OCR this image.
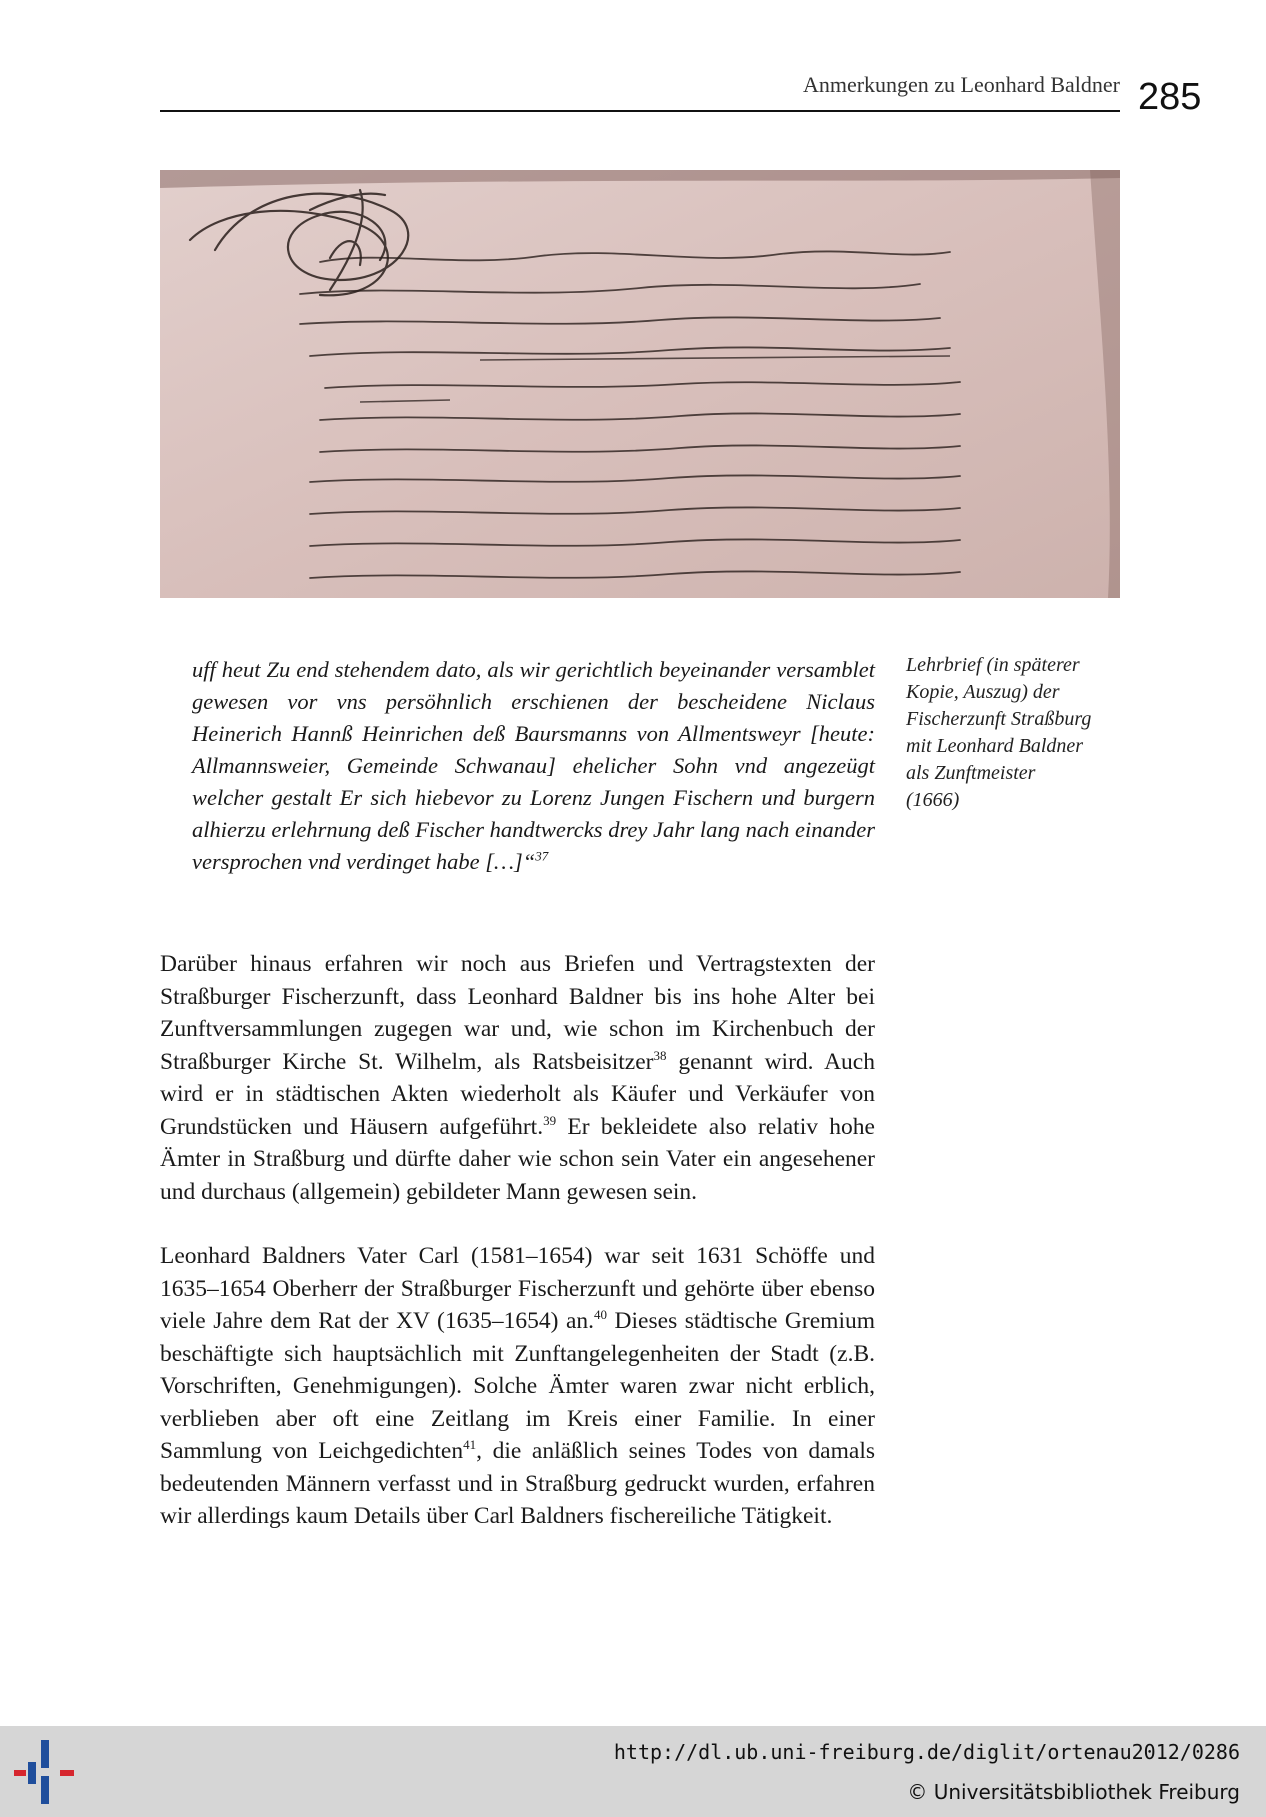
Anmerkungen zu Leonhard Baldner 285

uff heut Zu end stehendem dato, als wir gerichtlich beyeinander versamblet gewesen vor vns persöhnlich erschienen der bescheidene Niclaus Heinerich Hannß Heinrichen deß Baursmanns von Allmentsweyr [heute: Allmannsweier, Gemeinde Schwanau] ehelicher Sohn vnd angezeügt welcher gestalt Er sich hiebevor zu Lorenz Jungen Fischern und burgern alhierzu erlehrnung deß Fischer handtwercks drey Jahr lang nach einander versprochen vnd verdinget habe […]“$^{37}$

Lehrbrief (in späterer
Kopie, Auszug) der
Fischerzunft Straßburg
mit Leonhard Baldner
als Zunftmeister
(1666)

Darüber hinaus erfahren wir noch aus Briefen und Vertragstexten der Straßburger Fischerzunft, dass Leonhard Baldner bis ins hohe Alter bei Zunftversammlungen zugegen war und, wie schon im Kirchenbuch der Straßburger Kirche St. Wilhelm, als Ratsbeisitzer$^{38}$ genannt wird. Auch wird er in städtischen Akten wiederholt als Käufer und Verkäufer von Grundstücken und Häusern aufgeführt.$^{39}$ Er bekleidete also relativ hohe Ämter in Straßburg und dürfte daher wie schon sein Vater ein angesehener und durchaus (allgemein) gebildeter Mann gewesen sein.

Leonhard Baldners Vater Carl (1581–1654) war seit 1631 Schöffe und 1635–1654 Oberherr der Straßburger Fischerzunft und gehörte über ebenso viele Jahre dem Rat der XV (1635–1654) an.$^{40}$ Dieses städtische Gremium beschäftigte sich hauptsächlich mit Zunftangelegenheiten der Stadt (z.B. Vorschriften, Genehmigungen). Solche Ämter waren zwar nicht erblich, verblieben aber oft eine Zeitlang im Kreis einer Familie. In einer Sammlung von Leichgedichten$^{41}$, die anläßlich seines Todes von damals bedeutenden Männern verfasst und in Straßburg gedruckt wurden, erfahren wir allerdings kaum Details über Carl Baldners fischereiliche Tätigkeit.

http://dl.ub.uni-freiburg.de/diglit/ortenau2012/0286
© Universitätsbibliothek Freiburg
